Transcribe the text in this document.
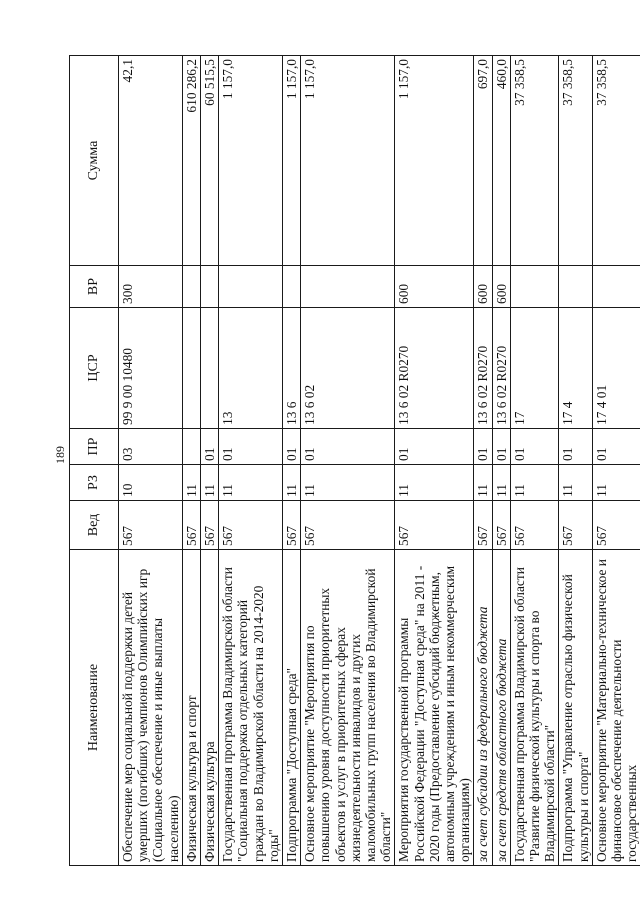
189
Наименование	Вед	РЗ	ПР	ЦСР	ВР	Сумма
Обеспечение мер социальной поддержки детей умерших (погибших) чемпионов Олимпийских игр (Социальное обеспечение и иные выплаты населению)	567	10	03	99 9 00 10480	300	42,1
Физическая культура и спорт	567	11				610 286,2
Физическая культура	567	11	01			60 515,5
Государственная программа Владимирской области "Социальная поддержка отдельных категорий граждан во Владимирской области на 2014-2020 годы"	567	11	01	13		1 157,0
Подпрограмма "Доступная среда"	567	11	01	13 6		1 157,0
Основное мероприятие "Мероприятия по повышению уровня доступности приоритетных объектов и услуг в приоритетных сферах жизнедеятельности инвалидов и других маломобильных групп населения во Владимирской области"	567	11	01	13 6 02		1 157,0
Мероприятия государственной программы Российской Федерации "Доступная среда" на 2011 - 2020 годы (Предоставление субсидий бюджетным, автономным учреждениям и иным некоммерческим организациям)	567	11	01	13 6 02 R0270	600	1 157,0
за счет субсидии из федерального бюджета	567	11	01	13 6 02 R0270	600	697,0
за счет средств областного бюджета	567	11	01	13 6 02 R0270	600	460,0
Государственная программа Владимирской области "Развитие физической культуры и спорта во Владимирской области"	567	11	01	17		37 358,5
Подпрограмма "Управление отраслью физической культуры и спорта"	567	11	01	17 4		37 358,5
Основное мероприятие "Материально-техническое и финансовое обеспечение деятельности государственных	567	11	01	17 4 01		37 358,5
